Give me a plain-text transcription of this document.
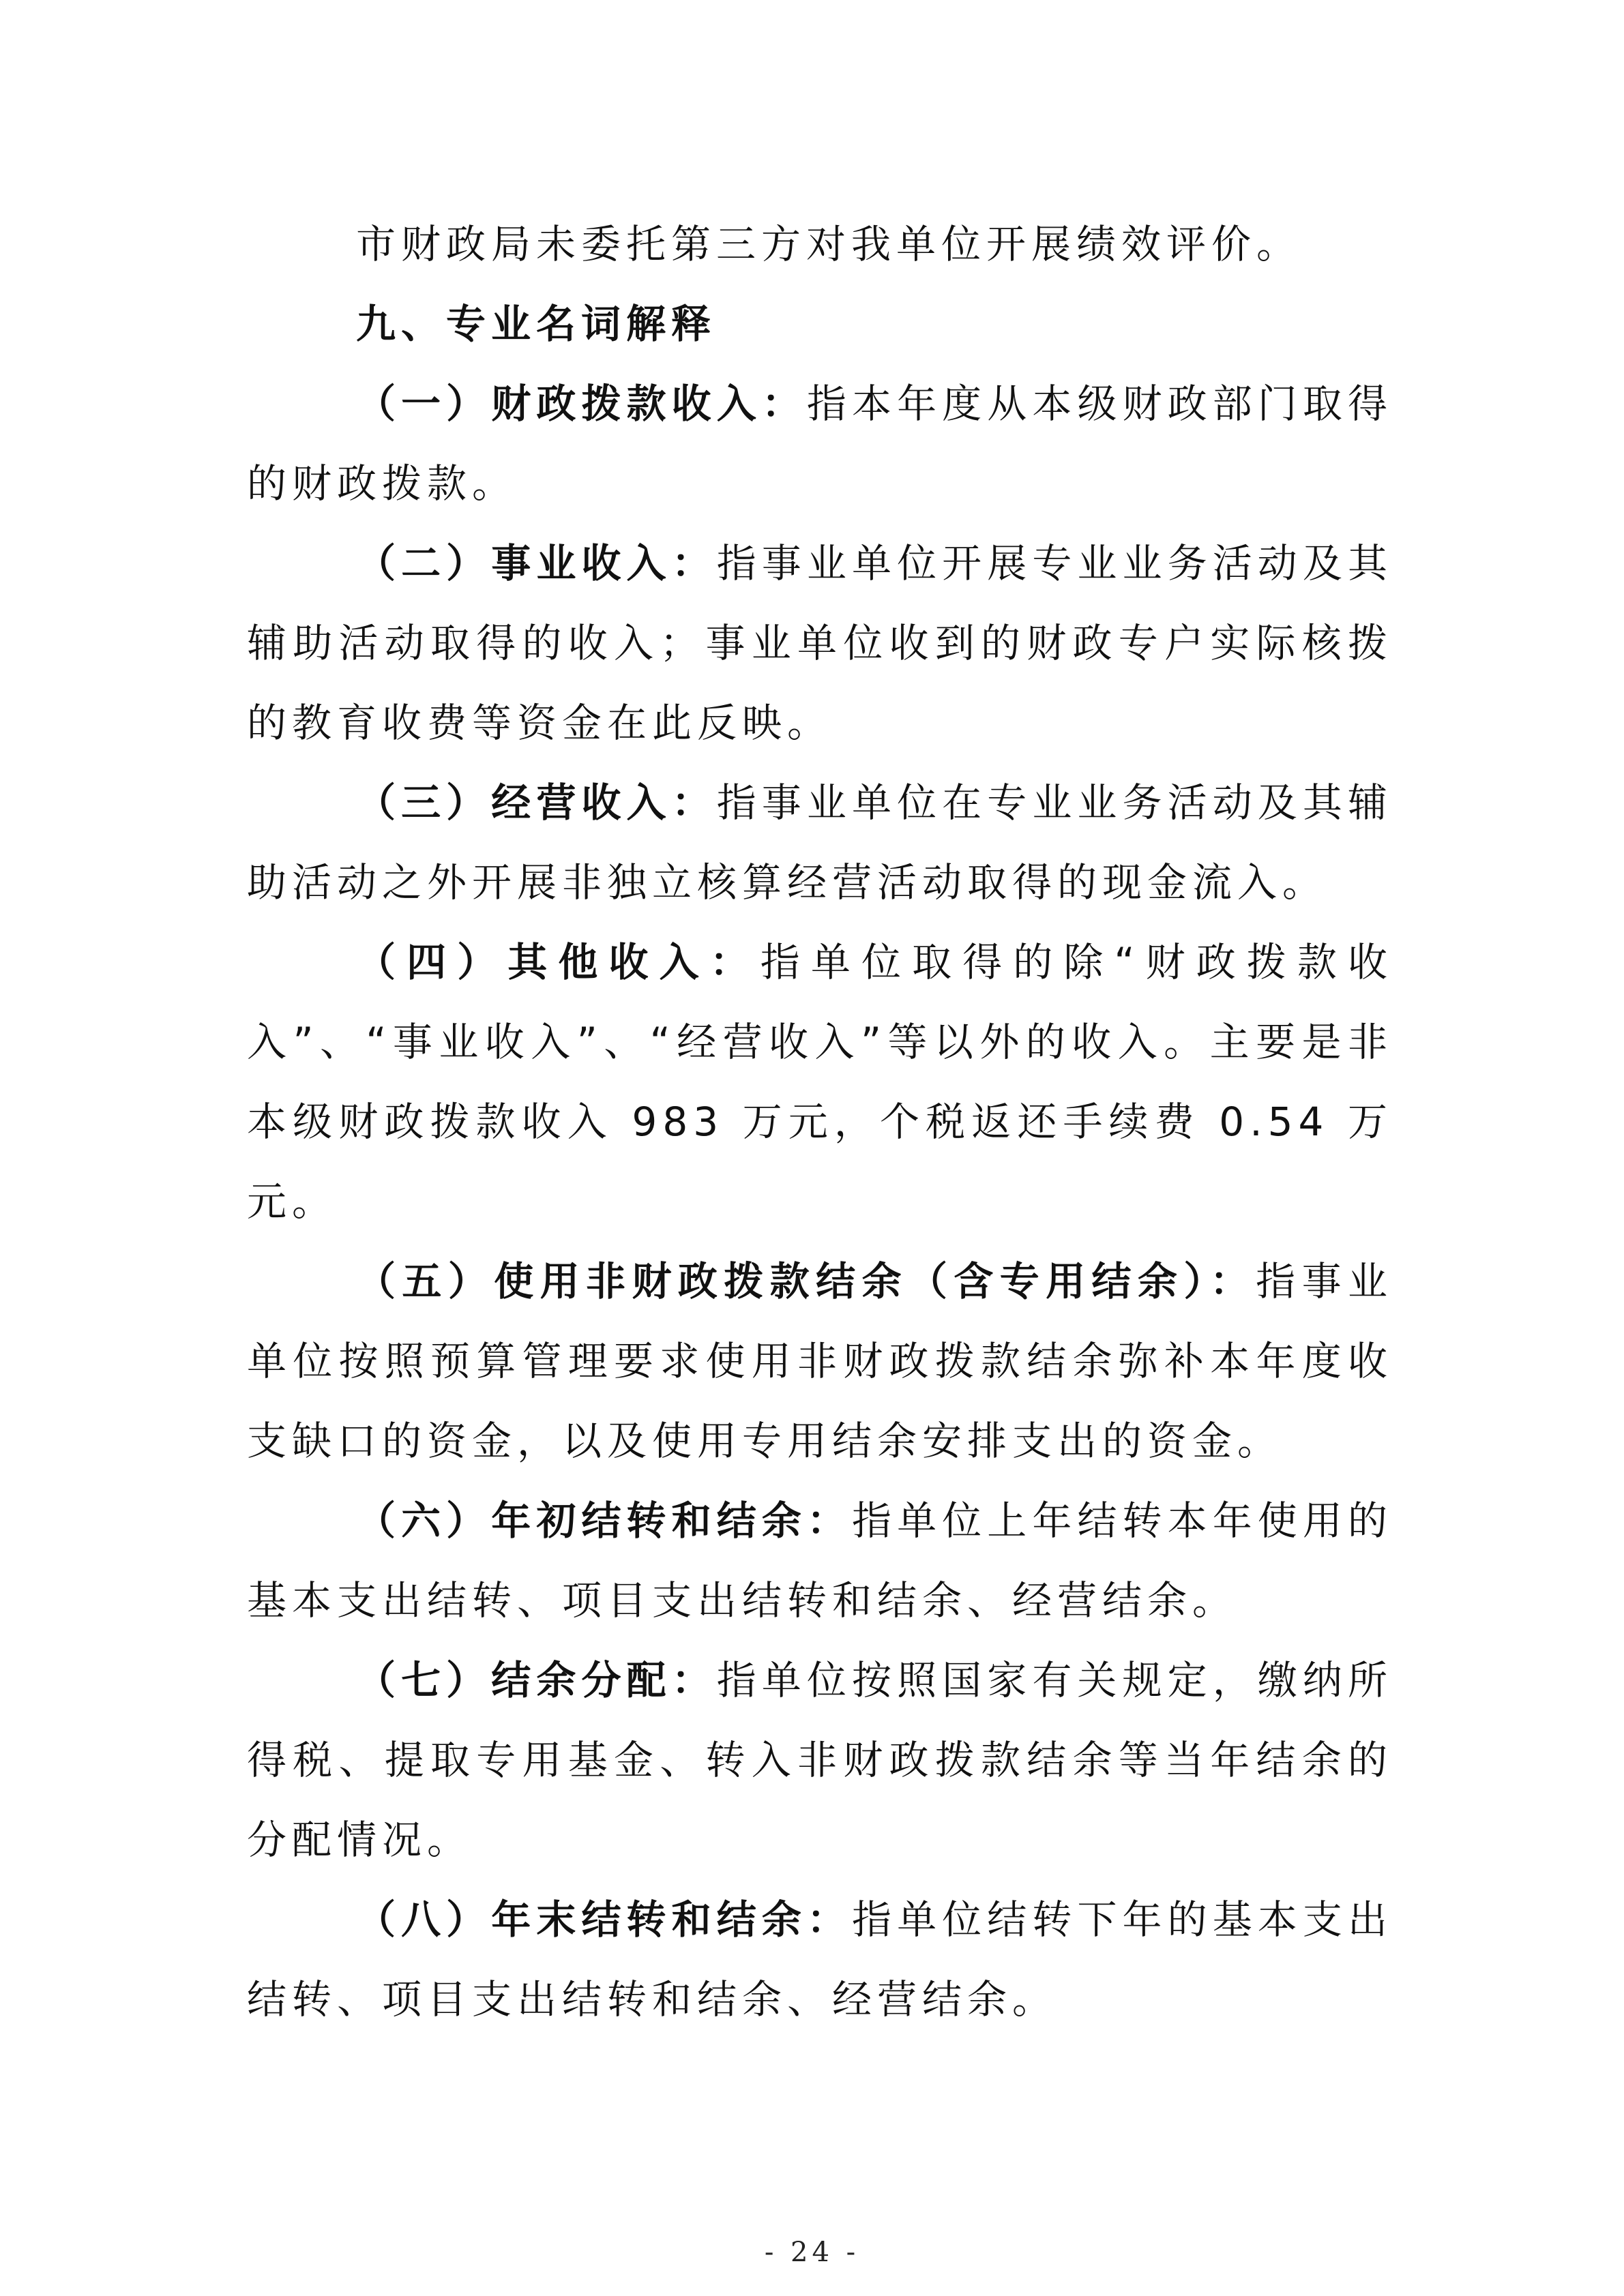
市财政局未委托第三方对我单位开展绩效评价。

九、专业名词解释

（一）财政拨款收入：指本年度从本级财政部门取得的财政拨款。

（二）事业收入：指事业单位开展专业业务活动及其辅助活动取得的收入；事业单位收到的财政专户实际核拨的教育收费等资金在此反映。

（三）经营收入：指事业单位在专业业务活动及其辅助活动之外开展非独立核算经营活动取得的现金流入。

（四）其他收入：指单位取得的除“财政拨款收入”、“事业收入”、“经营收入”等以外的收入。主要是非本级财政拨款收入 983 万元，个税返还手续费 0.54 万元。

（五）使用非财政拨款结余（含专用结余）：指事业单位按照预算管理要求使用非财政拨款结余弥补本年度收支缺口的资金，以及使用专用结余安排支出的资金。

（六）年初结转和结余：指单位上年结转本年使用的基本支出结转、项目支出结转和结余、经营结余。

（七）结余分配：指单位按照国家有关规定，缴纳所得税、提取专用基金、转入非财政拨款结余等当年结余的分配情况。

（八）年末结转和结余：指单位结转下年的基本支出结转、项目支出结转和结余、经营结余。

- 24 -
